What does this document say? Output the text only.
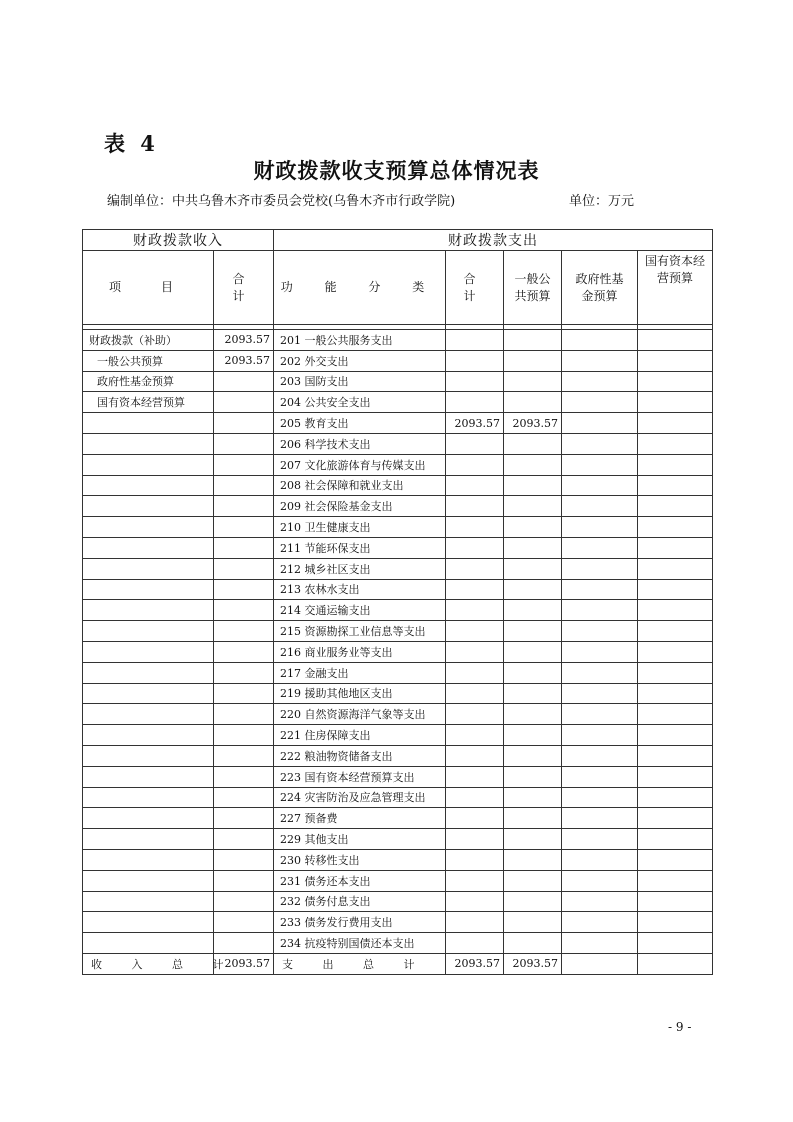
表 4
财政拨款收支预算总体情况表
编制单位：中共乌鲁木齐市委员会党校(乌鲁木齐市行政学院)	单位：万元
财政拨款收入		财政拨款支出				
项　目	合 计	功 能 分 类	合 计	一般公共预算	政府性基金预算	国有资本经营预算

财政拨款（补助）	2093.57	201 一般公共服务支出				
一般公共预算	2093.57	202 外交支出				
政府性基金预算		203 国防支出				
国有资本经营预算		204 公共安全支出				
		205 教育支出	2093.57	2093.57		
		206 科学技术支出				
		207 文化旅游体育与传媒支出				
		208 社会保障和就业支出				
		209 社会保险基金支出				
		210 卫生健康支出				
		211 节能环保支出				
		212 城乡社区支出				
		213 农林水支出				
		214 交通运输支出				
		215 资源勘探工业信息等支出				
		216 商业服务业等支出				
		217 金融支出				
		219 援助其他地区支出				
		220 自然资源海洋气象等支出				
		221 住房保障支出				
		222 粮油物资储备支出				
		223 国有资本经营预算支出				
		224 灾害防治及应急管理支出				
		227 预备费				
		229 其他支出				
		230 转移性支出				
		231 债务还本支出				
		232 债务付息支出				
		233 债务发行费用支出				
		234 抗疫特别国债还本支出				
收 入 总 计	2093.57	支 出 总 计	2093.57	2093.57		
- 9 -
